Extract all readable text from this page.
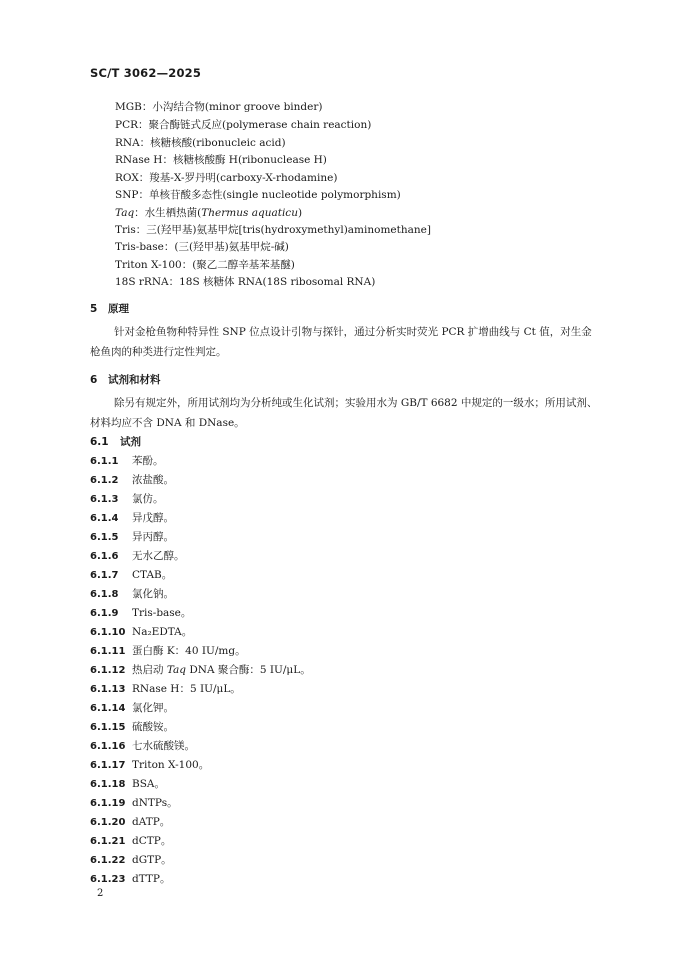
SC/T 3062—2025
MGB：小沟结合物(minor groove binder)
PCR：聚合酶链式反应(polymerase chain reaction)
RNA：核糖核酸(ribonucleic acid)
RNase H：核糖核酸酶 H(ribonuclease H)
ROX：羧基-X-罗丹明(carboxy-X-rhodamine)
SNP：单核苷酸多态性(single nucleotide polymorphism)
Taq：水生栖热菌(Thermus aquaticu)
Tris：三(羟甲基)氨基甲烷[tris(hydroxymethyl)aminomethane]
Tris-base：(三(羟甲基)氨基甲烷-碱)
Triton X-100：(聚乙二醇辛基苯基醚)
18S rRNA：18S 核糖体 RNA(18S ribosomal RNA)
5 原理
针对金枪鱼物种特异性 SNP 位点设计引物与探针，通过分析实时荧光 PCR 扩增曲线与 Ct 值，对生金枪鱼肉的种类进行定性判定。
6 试剂和材料
除另有规定外，所用试剂均为分析纯或生化试剂；实验用水为 GB/T 6682 中规定的一级水；所用试剂、材料均应不含 DNA 和 DNase。
6.1 试剂
6.1.1 苯酚。
6.1.2 浓盐酸。
6.1.3 氯仿。
6.1.4 异戊醇。
6.1.5 异丙醇。
6.1.6 无水乙醇。
6.1.7 CTAB。
6.1.8 氯化钠。
6.1.9 Tris-base。
6.1.10 Na₂EDTA。
6.1.11 蛋白酶 K：40 IU/mg。
6.1.12 热启动 Taq DNA 聚合酶：5 IU/μL。
6.1.13 RNase H：5 IU/μL。
6.1.14 氯化钾。
6.1.15 硫酸铵。
6.1.16 七水硫酸镁。
6.1.17 Triton X-100。
6.1.18 BSA。
6.1.19 dNTPs。
6.1.20 dATP。
6.1.21 dCTP。
6.1.22 dGTP。
6.1.23 dTTP。
2
